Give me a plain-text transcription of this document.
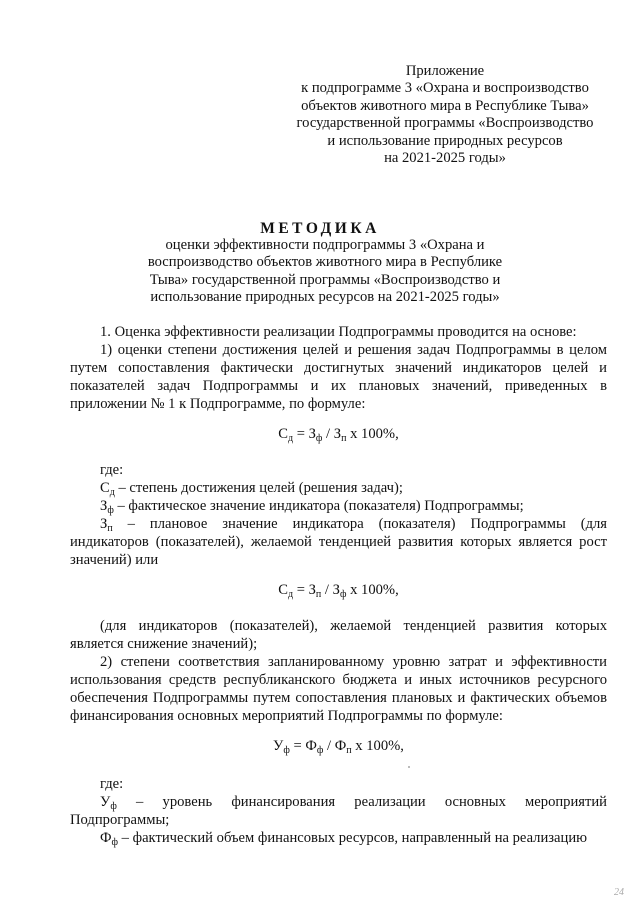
Приложение
к подпрограмме 3 «Охрана и воспроизводство
объектов животного мира в Республике Тыва»
государственной программы «Воспроизводство
и использование природных ресурсов
на 2021-2025 годы»
МЕТОДИКА
оценки эффективности подпрограммы 3 «Охрана и
воспроизводство объектов животного мира в Республике
Тыва» государственной программы «Воспроизводство и
использование природных ресурсов на 2021-2025 годы»

1. Оценка эффективности реализации Подпрограммы проводится на основе:

1) оценки степени достижения целей и решения задач Подпрограммы в целом путем сопоставления фактически достигнутых значений индикаторов целей и показателей задач Подпрограммы и их плановых значений, приведенных в приложении № 1 к Подпрограмме, по формуле:

$С_д = З_ф / З_п$ x 100%,

где:

$С_д$ – степень достижения целей (решения задач);

$З_ф$ – фактическое значение индикатора (показателя) Подпрограммы;

$З_п$ – плановое значение индикатора (показателя) Подпрограммы (для индикаторов (показателей), желаемой тенденцией развития которых является рост значений) или

$С_д = З_п / З_ф$ x 100%,

(для индикаторов (показателей), желаемой тенденцией развития которых является снижение значений);

2) степени соответствия запланированному уровню затрат и эффективности использования средств республиканского бюджета и иных источников ресурсного обеспечения Подпрограммы путем сопоставления плановых и фактических объемов финансирования основных мероприятий Подпрограммы по формуле:

$У_ф = Ф_ф / Ф_п$ x 100%,

где:

$У_ф$ – уровень финансирования реализации основных мероприятий Подпрограммы;

$Ф_ф$ – фактический объем финансовых ресурсов, направленный на реализацию

24
